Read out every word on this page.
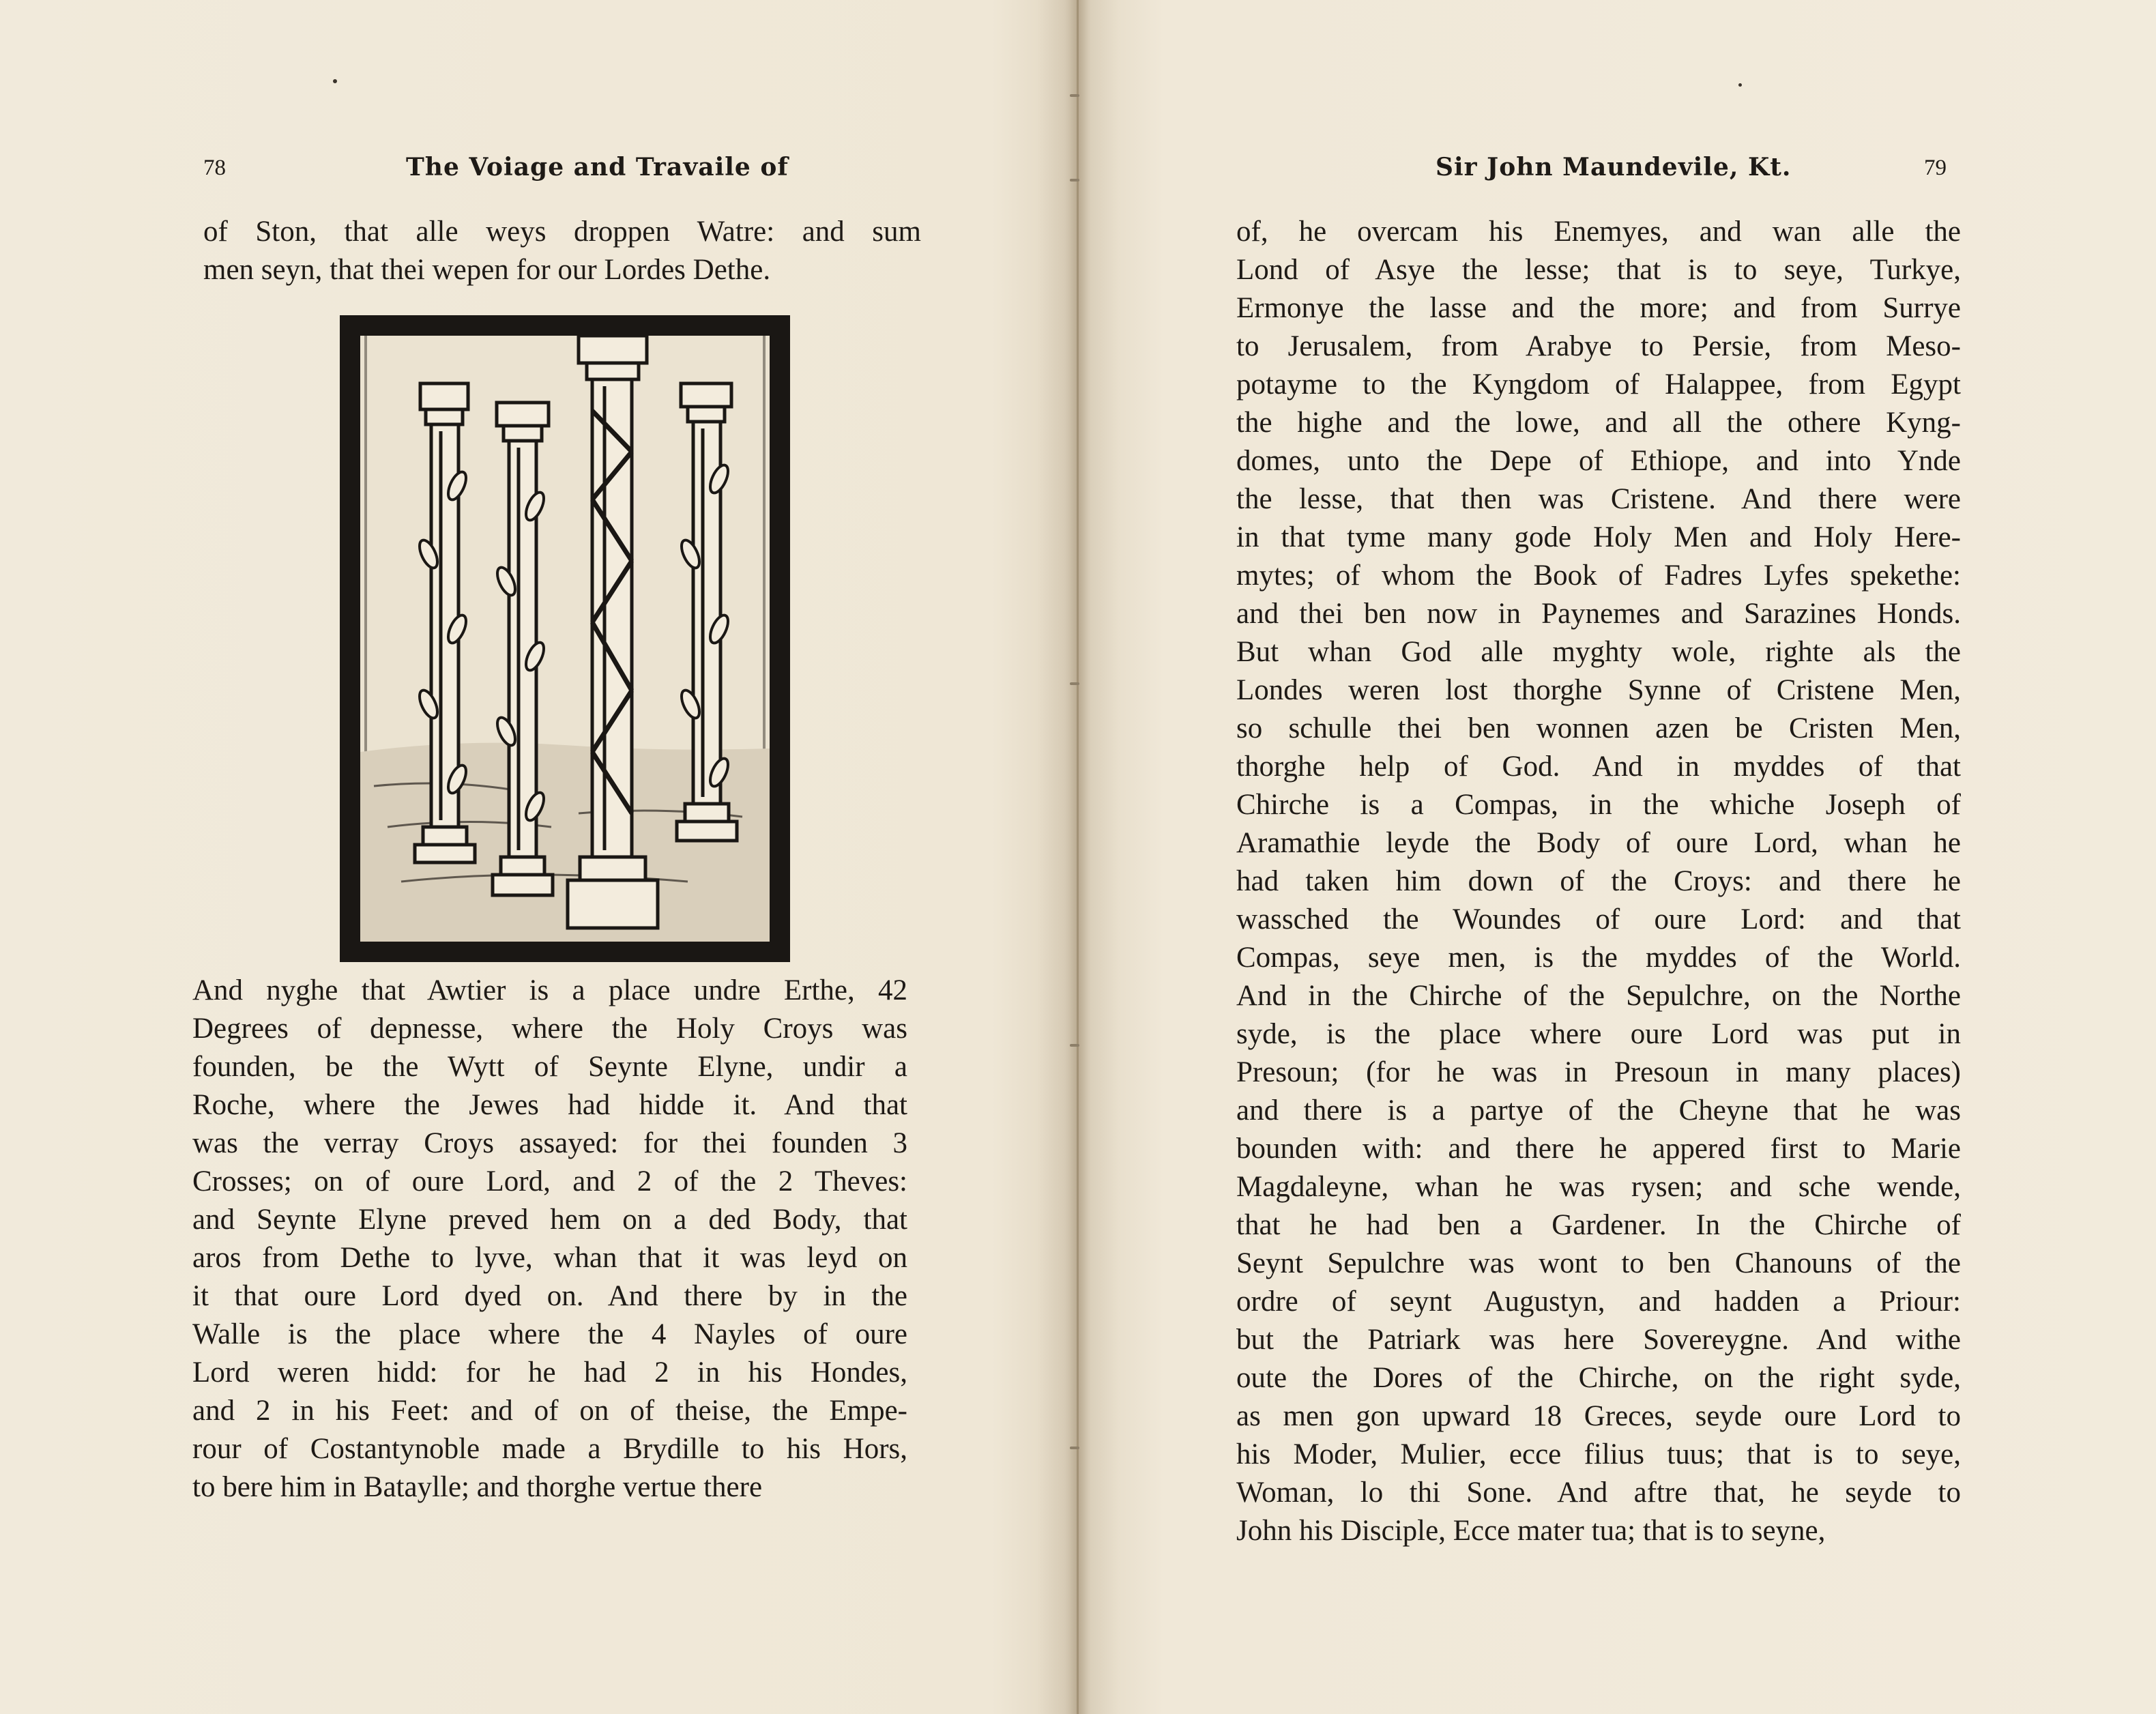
78	The Voiage and Travaile of
of Ston, that alle weys droppen Watre: and sum
men seyn, that thei wepen for our Lordes Dethe.
And nyghe that Awtier is a place undre Erthe, 42
Degrees of depnesse, where the Holy Croys was
founden, be the Wytt of Seynte Elyne, undir a
Roche, where the Jewes had hidde it. And that
was the verray Croys assayed: for thei founden 3
Crosses; on of oure Lord, and 2 of the 2 Theves:
and Seynte Elyne preved hem on a ded Body, that
aros from Dethe to lyve, whan that it was leyd on
it that oure Lord dyed on. And there by in the
Walle is the place where the 4 Nayles of oure
Lord weren hidd: for he had 2 in his Hondes,
and 2 in his Feet: and of on of theise, the Empe-
rour of Costantynoble made a Brydille to his Hors,
to bere him in Bataylle; and thorghe vertue there
Sir John Maundevile, Kt.	79
of, he overcam his Enemyes, and wan alle the
Lond of Asye the lesse; that is to seye, Turkye,
Ermonye the lasse and the more; and from Surrye
to Jerusalem, from Arabye to Persie, from Meso-
potayme to the Kyngdom of Halappee, from Egypt
the highe and the lowe, and all the othere Kyng-
domes, unto the Depe of Ethiope, and into Ynde
the lesse, that then was Cristene. And there were
in that tyme many gode Holy Men and Holy Here-
mytes; of whom the Book of Fadres Lyfes spekethe:
and thei ben now in Paynemes and Sarazines Honds.
But whan God alle myghty wole, righte als the
Londes weren lost thorghe Synne of Cristene Men,
so schulle thei ben wonnen azen be Cristen Men,
thorghe help of God. And in myddes of that
Chirche is a Compas, in the whiche Joseph of
Aramathie leyde the Body of oure Lord, whan he
had taken him down of the Croys: and there he
wassched the Woundes of oure Lord: and that
Compas, seye men, is the myddes of the World.
And in the Chirche of the Sepulchre, on the Northe
syde, is the place where oure Lord was put in
Presoun; (for he was in Presoun in many places)
and there is a partye of the Cheyne that he was
bounden with: and there he appered first to Marie
Magdaleyne, whan he was rysen; and sche wende,
that he had ben a Gardener. In the Chirche of
Seynt Sepulchre was wont to ben Chanouns of the
ordre of seynt Augustyn, and hadden a Priour:
but the Patriark was here Sovereygne. And withe
oute the Dores of the Chirche, on the right syde,
as men gon upward 18 Greces, seyde oure Lord to
his Moder, Mulier, ecce filius tuus; that is to seye,
Woman, lo thi Sone. And aftre that, he seyde to
John his Disciple, Ecce mater tua; that is to seyne,
